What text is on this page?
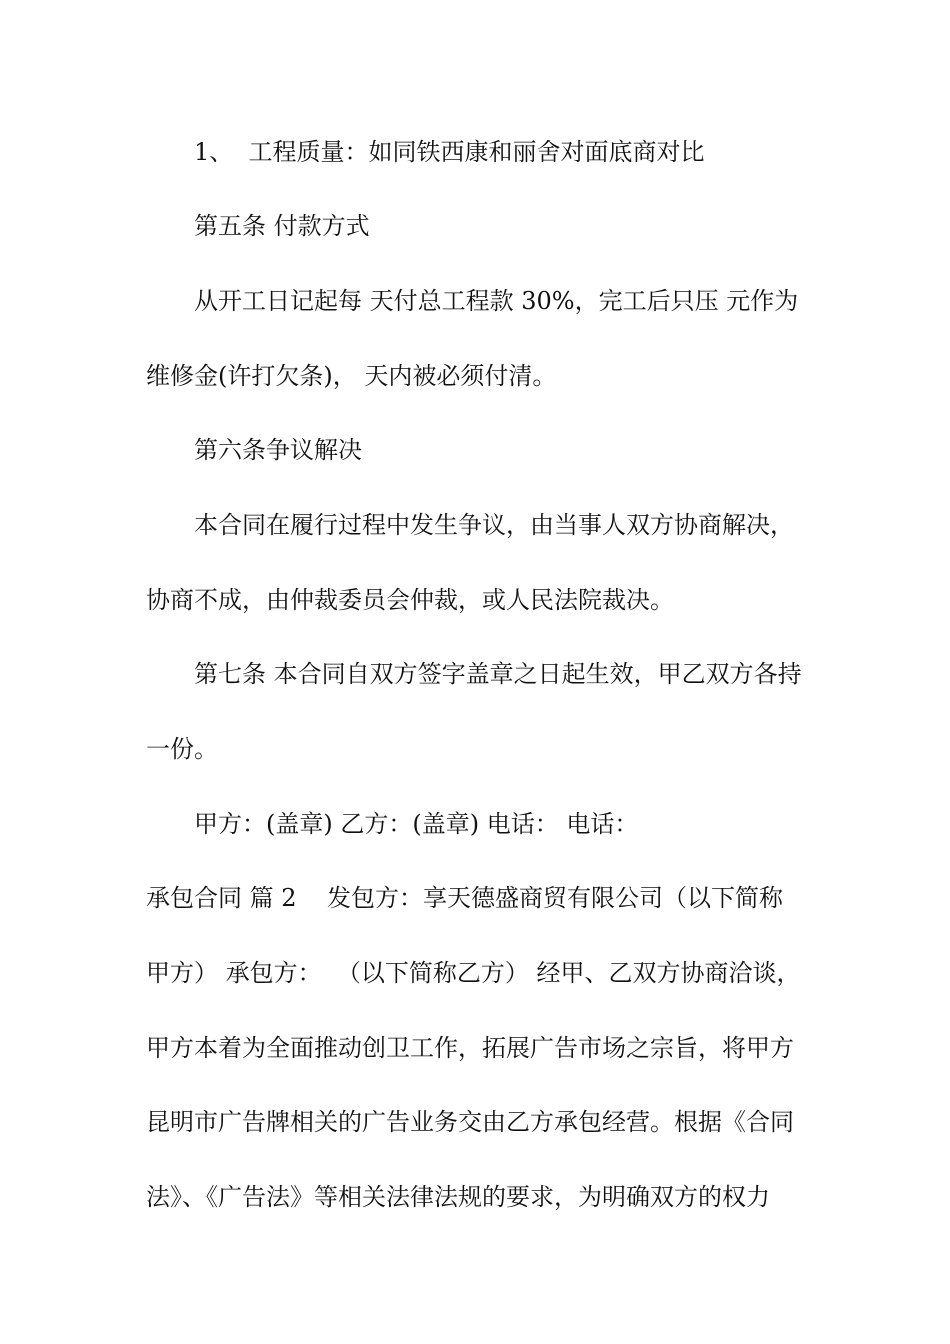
1、  工程质量：如同铁西康和丽舍对面底商对比
第五条 付款方式
从开工日记起每 天付总工程款 30%，完工后只压 元作为
维修金(许打欠条)， 天内被必须付清。
第六条争议解决
本合同在履行过程中发生争议，由当事人双方协商解决，
协商不成，由仲裁委员会仲裁，或人民法院裁决。
第七条 本合同自双方签字盖章之日起生效，甲乙双方各持
一份。
甲方：(盖章) 乙方：(盖章) 电话： 电话：
承包合同 篇 2    发包方：享天德盛商贸有限公司（以下简称
甲方） 承包方：  （以下简称乙方） 经甲、乙双方协商洽谈，
甲方本着为全面推动创卫工作，拓展广告市场之宗旨，将甲方
昆明市广告牌相关的广告业务交由乙方承包经营。根据《合同
法》、《广告法》等相关法律法规的要求，为明确双方的权力
